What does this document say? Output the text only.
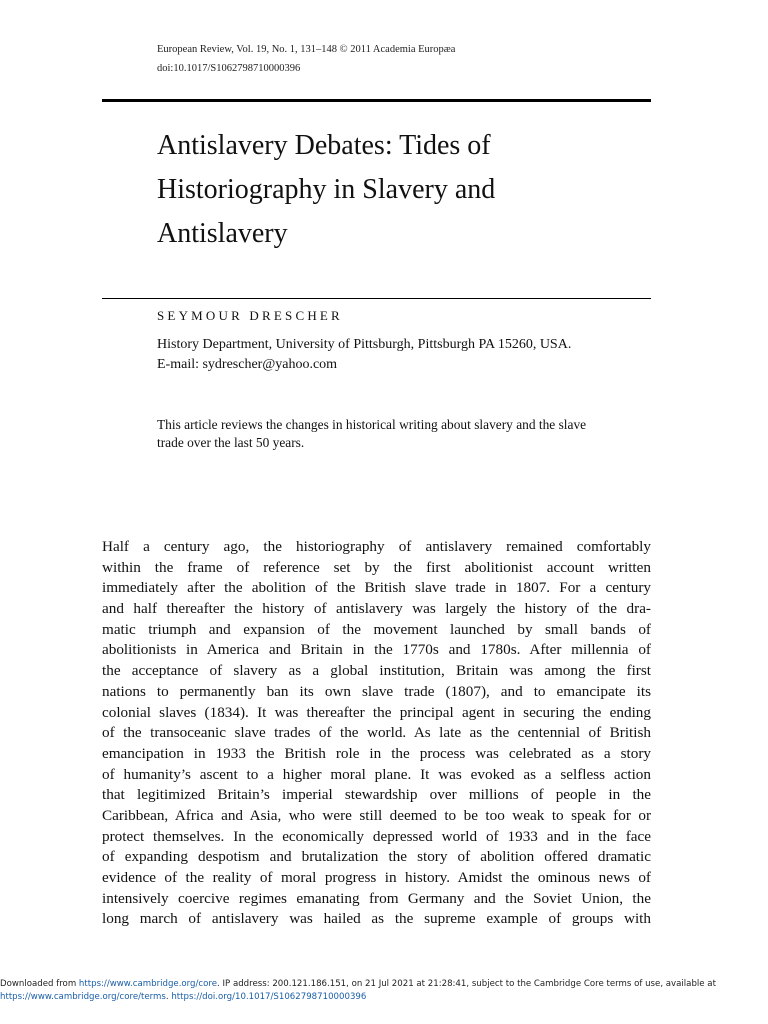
European Review, Vol. 19, No. 1, 131–148 © 2011 Academia Europæa
doi:10.1017/S1062798710000396
Antislavery Debates: Tides of
Historiography in Slavery and
Antislavery
SEYMOUR DRESCHER
History Department, University of Pittsburgh, Pittsburgh PA 15260, USA.
E-mail: sydrescher@yahoo.com
This article reviews the changes in historical writing about slavery and the slave
trade over the last 50 years.
Half a century ago, the historiography of antislavery remained comfortably
within the frame of reference set by the first abolitionist account written
immediately after the abolition of the British slave trade in 1807. For a century
and half thereafter the history of antislavery was largely the history of the dra-
matic triumph and expansion of the movement launched by small bands of
abolitionists in America and Britain in the 1770s and 1780s. After millennia of
the acceptance of slavery as a global institution, Britain was among the first
nations to permanently ban its own slave trade (1807), and to emancipate its
colonial slaves (1834). It was thereafter the principal agent in securing the ending
of the transoceanic slave trades of the world. As late as the centennial of British
emancipation in 1933 the British role in the process was celebrated as a story
of humanity’s ascent to a higher moral plane. It was evoked as a selfless action
that legitimized Britain’s imperial stewardship over millions of people in the
Caribbean, Africa and Asia, who were still deemed to be too weak to speak for or
protect themselves. In the economically depressed world of 1933 and in the face
of expanding despotism and brutalization the story of abolition offered dramatic
evidence of the reality of moral progress in history. Amidst the ominous news of
intensively coercive regimes emanating from Germany and the Soviet Union, the
long march of antislavery was hailed as the supreme example of groups with
Downloaded from https://www.cambridge.org/core. IP address: 200.121.186.151, on 21 Jul 2021 at 21:28:41, subject to the Cambridge Core terms of use, available at
https://www.cambridge.org/core/terms. https://doi.org/10.1017/S1062798710000396
